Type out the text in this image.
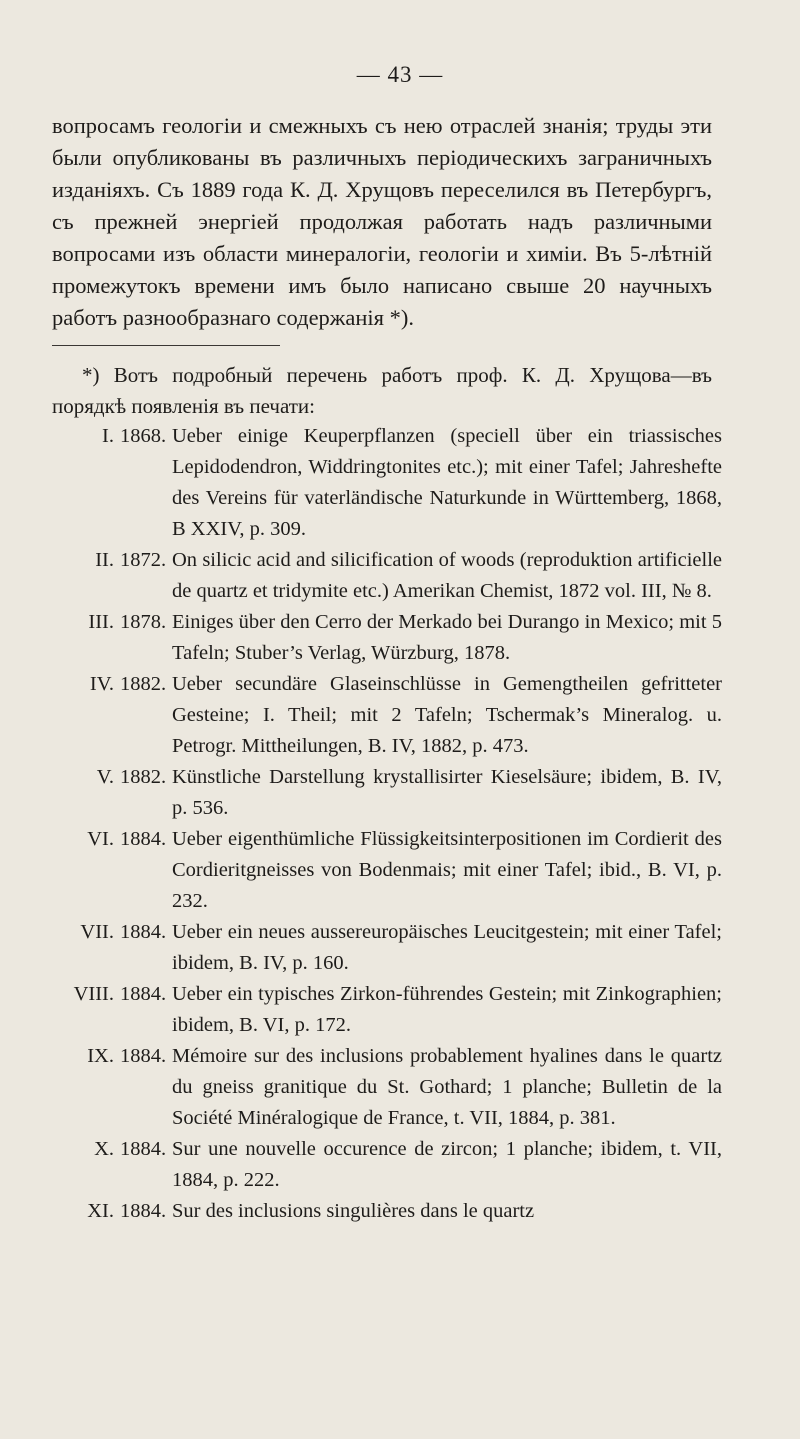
— 43 —

вопросамъ геологіи и смежныхъ съ нею отраслей знанія; труды эти были опубликованы въ различныхъ періодическихъ заграничныхъ изданіяхъ. Съ 1889 года К. Д. Хрущовъ переселился въ Петербургъ, съ прежней энергіей продолжая работать надъ различными вопросами изъ области минералогіи, геологіи и химіи. Въ 5-лѣтній промежутокъ времени имъ было написано свыше 20 научныхъ работъ разнообразнаго содержанія *).

*) Вотъ подробный перечень работъ проф. К. Д. Хрущова—въ порядкѣ появленія въ печати:

I. 1868. Ueber einige Keuperpflanzen (speciell über ein triassisches Lepidodendron, Widdringtonites etc.); mit einer Tafel; Jahreshefte des Vereins für vaterländische Naturkunde in Württemberg, 1868, B XXIV, p. 309.
II. 1872. On silicic acid and silicification of woods (reproduktion artificielle de quartz et tridymite etc.) Amerikan Chemist, 1872 vol. III, № 8.
III. 1878. Einiges über den Cerro der Merkado bei Durango in Mexico; mit 5 Tafeln; Stuber’s Verlag, Würzburg, 1878.
IV. 1882. Ueber secundäre Glaseinschlüsse in Gemengtheilen gefritteter Gesteine; I. Theil; mit 2 Tafeln; Tschermak’s Mineralog. u. Petrogr. Mittheilungen, B. IV, 1882, p. 473.
V. 1882. Künstliche Darstellung krystallisirter Kieselsäure; ibidem, B. IV, p. 536.
VI. 1884. Ueber eigenthümliche Flüssigkeitsinterpositionen im Cordierit des Cordieritgneisses von Bodenmais; mit einer Tafel; ibid., B. VI, p. 232.
VII. 1884. Ueber ein neues aussereuropäisches Leucitgestein; mit einer Tafel; ibidem, B. IV, p. 160.
VIII. 1884. Ueber ein typisches Zirkon-führendes Gestein; mit Zinkographien; ibidem, B. VI, p. 172.
IX. 1884. Mémoire sur des inclusions probablement hyalines dans le quartz du gneiss granitique du St. Gothard; 1 planche; Bulletin de la Société Minéralogique de France, t. VII, 1884, p. 381.
X. 1884. Sur une nouvelle occurence de zircon; 1 planche; ibidem, t. VII, 1884, p. 222.
XI. 1884. Sur des inclusions singulières dans le quartz
